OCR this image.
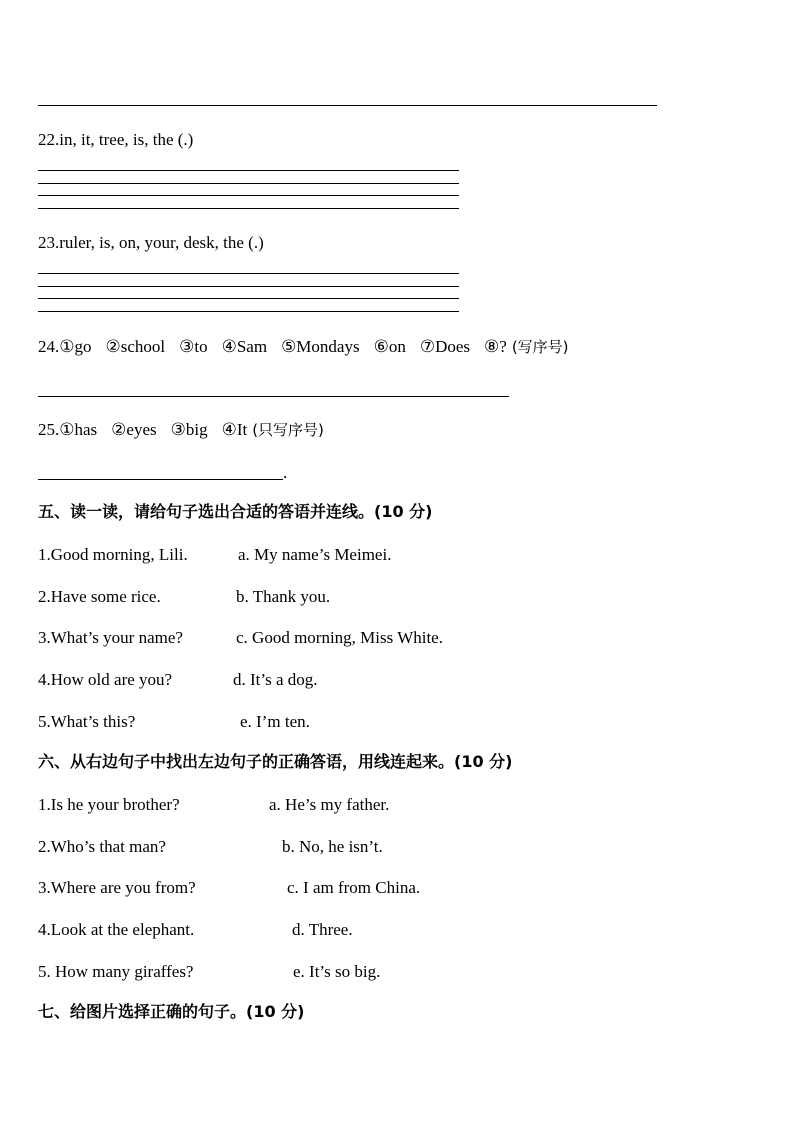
22.in, it, tree, is, the (.)
23.ruler, is, on, your, desk, the (.)
24.①go ②school ③to ④Sam ⑤Mondays ⑥on ⑦Does ⑧? (写序号)
25.①has ②eyes ③big ④It (只写序号)
.
五、读一读，请给句子选出合适的答语并连线。(10 分)
1.Good morning, Lili.	a. My name’s Meimei.
2.Have some rice.	b. Thank you.
3.What’s your name?	c. Good morning, Miss White.
4.How old are you?	d. It’s a dog.
5.What’s this?	e. I’m ten.
六、从右边句子中找出左边句子的正确答语，用线连起来。(10 分)
1.Is he your brother?	a. He’s my father.
2.Who’s that man?	b. No, he isn’t.
3.Where are you from?	c. I am from China.
4.Look at the elephant.	d. Three.
5. How many giraffes?	e. It’s so big.
七、给图片选择正确的句子。(10 分)
